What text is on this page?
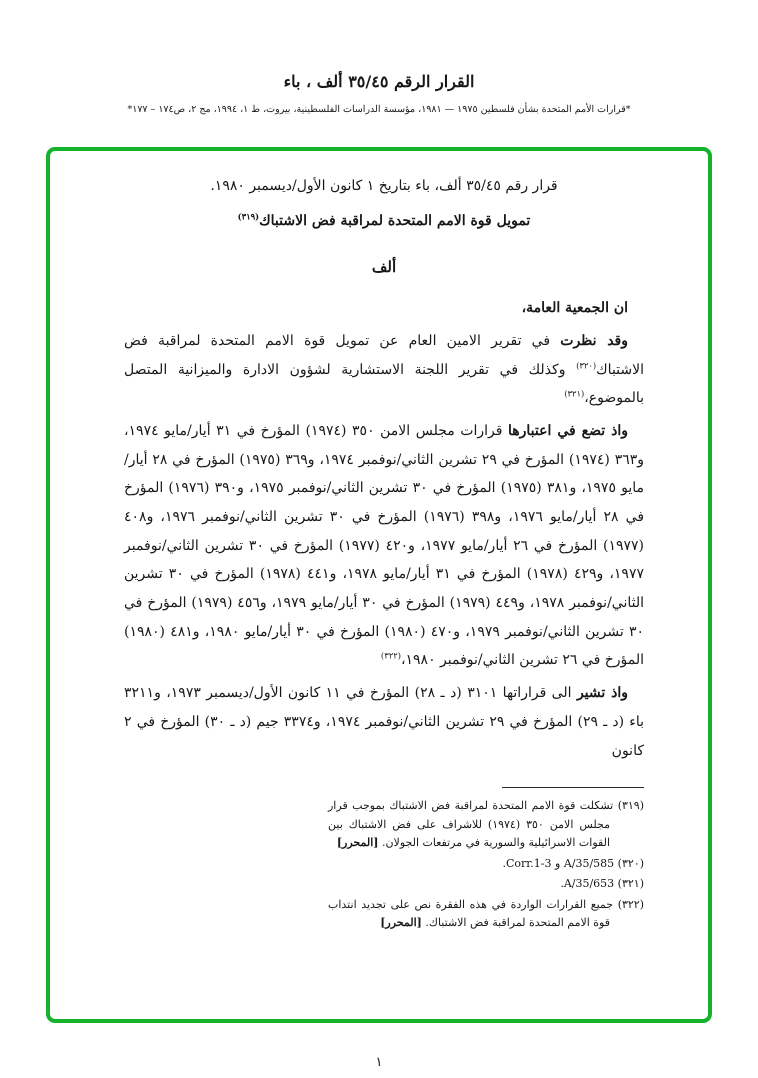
القرار الرقم ٣٥/٤٥ ألف ، باء

*قرارات الأمم المتحدة بشأن فلسطين ١٩٧٥ — ١٩٨١، مؤسسة الدراسات الفلسطينية، بيروت، ط ١، ١٩٩٤، مج ٢، ص١٧٤ – ١٧٧*

قرار رقم ٣٥/٤٥ ألف، باء بتاريخ ١ كانون الأول/ديسمبر ١٩٨٠.

تمويل قوة الامم المتحدة لمراقبة فض الاشتباك$^{(٣١٩)}$

ألف

ان الجمعية العامة،

وقد نظرت في تقرير الامين العام عن تمويل قوة الامم المتحدة لمراقبة فض الاشتباك$^{(٣٢٠)}$ وكذلك في تقرير اللجنة الاستشارية لشؤون الادارة والميزانية المتصل بالموضوع،$^{(٣٢١)}$

واذ تضع في اعتبارها قرارات مجلس الامن ٣٥٠ (١٩٧٤) المؤرخ في ٣١ أيار/مايو ١٩٧٤، و٣٦٣ (١٩٧٤) المؤرخ في ٢٩ تشرين الثاني/نوفمبر ١٩٧٤، و٣٦٩ (١٩٧٥) المؤرخ في ٢٨ أيار/مايو ١٩٧٥، و٣٨١ (١٩٧٥) المؤرخ في ٣٠ تشرين الثاني/نوفمبر ١٩٧٥، و٣٩٠ (١٩٧٦) المؤرخ في ٢٨ أيار/مايو ١٩٧٦، و٣٩٨ (١٩٧٦) المؤرخ في ٣٠ تشرين الثاني/نوفمبر ١٩٧٦، و٤٠٨ (١٩٧٧) المؤرخ في ٢٦ أيار/مايو ١٩٧٧، و٤٢٠ (١٩٧٧) المؤرخ في ٣٠ تشرين الثاني/نوفمبر ١٩٧٧، و٤٢٩ (١٩٧٨) المؤرخ في ٣١ أيار/مايو ١٩٧٨، و٤٤١ (١٩٧٨) المؤرخ في ٣٠ تشرين الثاني/نوفمبر ١٩٧٨، و٤٤٩ (١٩٧٩) المؤرخ في ٣٠ أيار/مايو ١٩٧٩، و٤٥٦ (١٩٧٩) المؤرخ في ٣٠ تشرين الثاني/نوفمبر ١٩٧٩، و٤٧٠ (١٩٨٠) المؤرخ في ٣٠ أيار/مايو ١٩٨٠، و٤٨١ (١٩٨٠) المؤرخ في ٢٦ تشرين الثاني/نوفمبر ١٩٨٠،$^{(٣٢٢)}$

واذ تشير الى قراراتها ٣١٠١ (د ـ ٢٨) المؤرخ في ١١ كانون الأول/ديسمبر ١٩٧٣، و٣٢١١ باء (د ـ ٢٩) المؤرخ في ٢٩ تشرين الثاني/نوفمبر ١٩٧٤، و٣٣٧٤ جيم (د ـ ٣٠) المؤرخ في ٢ كانون

(٣١٩) تشكلت قوة الامم المتحدة لمراقبة فض الاشتباك بموجب قرار مجلس الامن ٣٥٠ (١٩٧٤) للاشراف على فض الاشتباك بين القوات الاسرائيلية والسورية في مرتفعات الجولان. [المحرر]

(٣٢٠) A/35/585 و Corr.1-3.

(٣٢١) A/35/653.

(٣٢٢) جميع القرارات الواردة في هذه الفقرة نص على تجديد انتداب قوة الامم المتحدة لمراقبة فض الاشتباك. [المحرر]

١
